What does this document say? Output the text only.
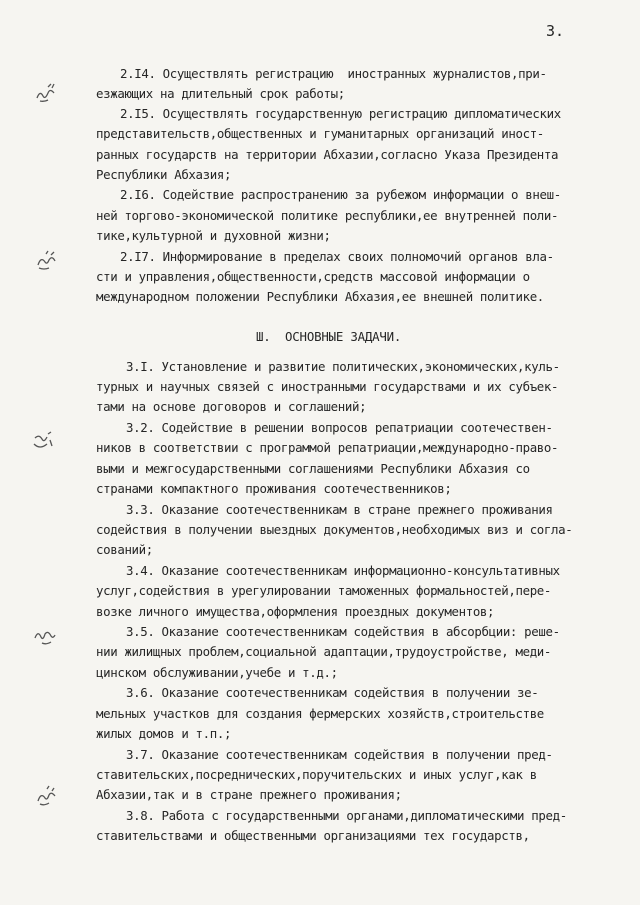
3.
2.I4. Осуществлять регистрацию  иностранных журналистов,при-
езжающих на длительный срок работы;
2.I5. Осуществлять государственную регистрацию дипломатических
представительств,общественных и гуманитарных организаций иност-
ранных государств на территории Абхазии,согласно Указа Президента
Республики Абхазия;
2.I6. Содействие распространению за рубежом информации о внеш-
ней торгово-экономической политике республики,ее внутренней поли-
тике,культурной и духовной жизни;
2.I7. Информирование в пределах своих полномочий органов вла-
сти и управления,общественности,средств массовой информации о
международном положении Республики Абхазия,ее внешней политике.
Ш.  ОСНОВНЫЕ ЗАДАЧИ.
3.I. Установление и развитие политических,экономических,куль-
турных и научных связей с иностранными государствами и их субъек-
тами на основе договоров и соглашений;
3.2. Содействие в решении вопросов репатриации соотечествен-
ников в соответствии с программой репатриации,международно-право-
выми и межгосударственными соглашениями Республики Абхазия со
странами компактного проживания соотечественников;
3.3. Оказание соотечественникам в стране прежнего проживания
содействия в получении выездных документов,необходимых виз и согла-
сований;
3.4. Оказание соотечественникам информационно-консультативных
услуг,содействия в урегулировании таможенных формальностей,пере-
возке личного имущества,оформления проездных документов;
3.5. Оказание соотечественникам содействия в абсорбции: реше-
нии жилищных проблем,социальной адаптации,трудоустройстве, меди-
цинском обслуживании,учебе и т.д.;
3.6. Оказание соотечественникам содействия в получении зе-
мельных участков для создания фермерских хозяйств,строительстве
жилых домов и т.п.;
3.7. Оказание соотечественникам содействия в получении пред-
ставительских,посреднических,поручительских и иных услуг,как в
Абхазии,так и в стране прежнего проживания;
3.8. Работа с государственными органами,дипломатическими пред-
ставительствами и общественными организациями тех государств,
